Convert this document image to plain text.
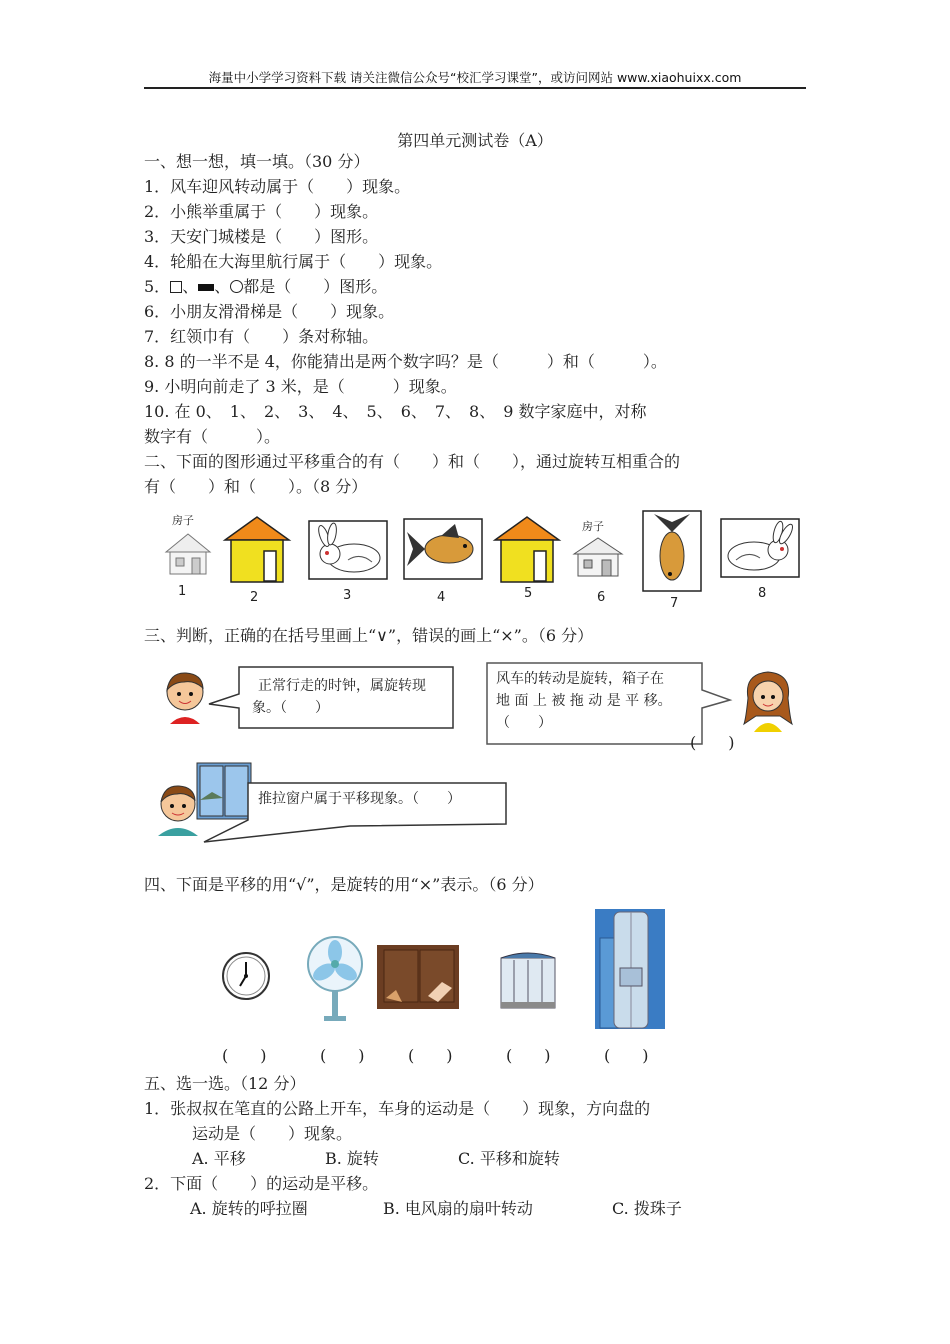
海量中小学学习资料下载 请关注微信公众号“校汇学习课堂”，或访问网站 www.xiaohuixx.com
第四单元测试卷（A）
一、想一想，填一填。（30 分）
1．风车迎风转动属于（　　）现象。
2．小熊举重属于（　　）现象。
3．天安门城楼是（　　）图形。
4．轮船在大海里航行属于（　　）现象。
5． 、 、 都是（　　）图形。
6．小朋友滑滑梯是（　　）现象。
7．红领巾有（　　）条对称轴。
8. 8 的一半不是 4，你能猜出是两个数字吗？是（　　　）和（　　　）。
9. 小明向前走了 3 米，是（　　　）现象。
10. 在 0、　1、　2、　3、　4、　5、　6、　7、　8、　9 数字家庭中，对称
数字有（　　　）。
二、下面的图形通过平移重合的有（　　）和（　　），通过旋转互相重合的
有（　　）和（　　）。（8 分）
房子
1	2	3	4	5
房子
6	7
8
三、判断，正确的在括号里画上“∨”，错误的画上“×”。（6 分）
正常行走的时钟，属旋转现
象。（　　）
风车的转动是旋转，箱子在
地 面 上 被 拖 动 是 平 移。
（　　）
(　　)
推拉窗户属于平移现象。（　　）
四、下面是平移的用“√”，是旋转的用“×”表示。（6 分）
(　　)	(　　)	(　　)	(　　)	(　　)
五、选一选。（12 分）
1．张叔叔在笔直的公路上开车，车身的运动是（　　）现象，方向盘的
运动是（　　）现象。
A. 平移	B. 旋转	C. 平移和旋转
2．下面（　　）的运动是平移。
A. 旋转的呼拉圈	B. 电风扇的扇叶转动	C. 拨珠子
